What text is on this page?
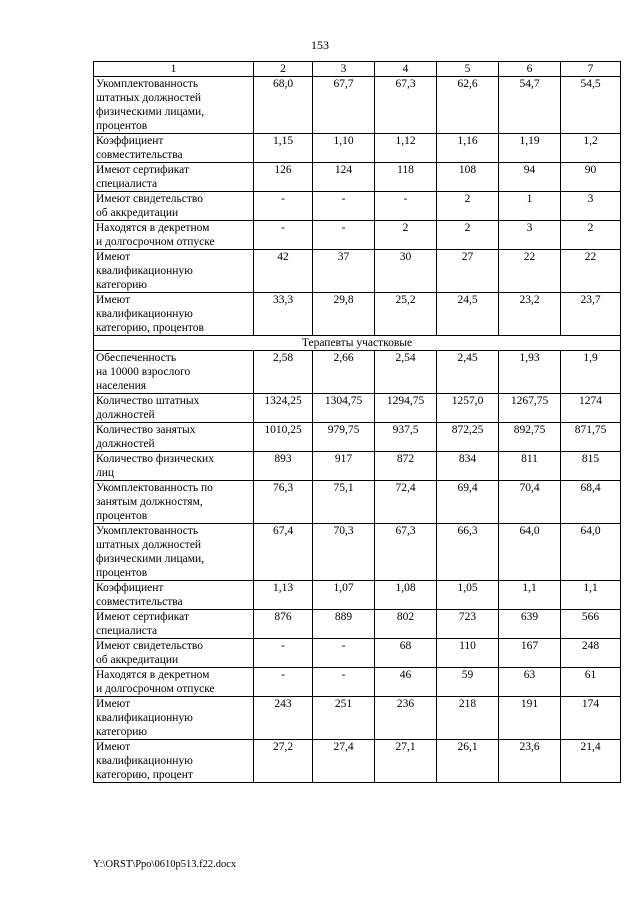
153
1	2	3	4	5	6	7

Укомплектованность
штатных должностей
физическими лицами,
процентов	68,0	67,7	67,3	62,6	54,7	54,5

Коэффициент
совместительства	1,15	1,10	1,12	1,16	1,19	1,2

Имеют сертификат
специалиста	126	124	118	108	94	90

Имеют свидетельство
об аккредитации	-	-	-	2	1	3

Находятся в декретном
и долгосрочном отпуске	-	-	2	2	3	2

Имеют
квалификационную
категорию	42	37	30	27	22	22

Имеют
квалификационную
категорию, процентов	33,3	29,8	25,2	24,5	23,2	23,7
Терапевты участковые						

Обеспеченность
на 10000 взрослого
населения	2,58	2,66	2,54	2,45	1,93	1,9

Количество штатных
должностей	1324,25	1304,75	1294,75	1257,0	1267,75	1274

Количество занятых
должностей	1010,25	979,75	937,5	872,25	892,75	871,75

Количество физических
лиц	893	917	872	834	811	815

Укомплектованность по
занятым должностям,
процентов	76,3	75,1	72,4	69,4	70,4	68,4

Укомплектованность
штатных должностей
физическими лицами,
процентов	67,4	70,3	67,3	66,3	64,0	64,0

Коэффициент
совместительства	1,13	1,07	1,08	1,05	1,1	1,1

Имеют сертификат
специалиста	876	889	802	723	639	566

Имеют свидетельство
об аккредитации	-	-	68	110	167	248

Находятся в декретном
и долгосрочном отпуске	-	-	46	59	63	61

Имеют
квалификационную
категорию	243	251	236	218	191	174

Имеют
квалификационную
категорию, процент	27,2	27,4	27,1	26,1	23,6	21,4
Y:\ORST\Ppo\0610p513.f22.docx
